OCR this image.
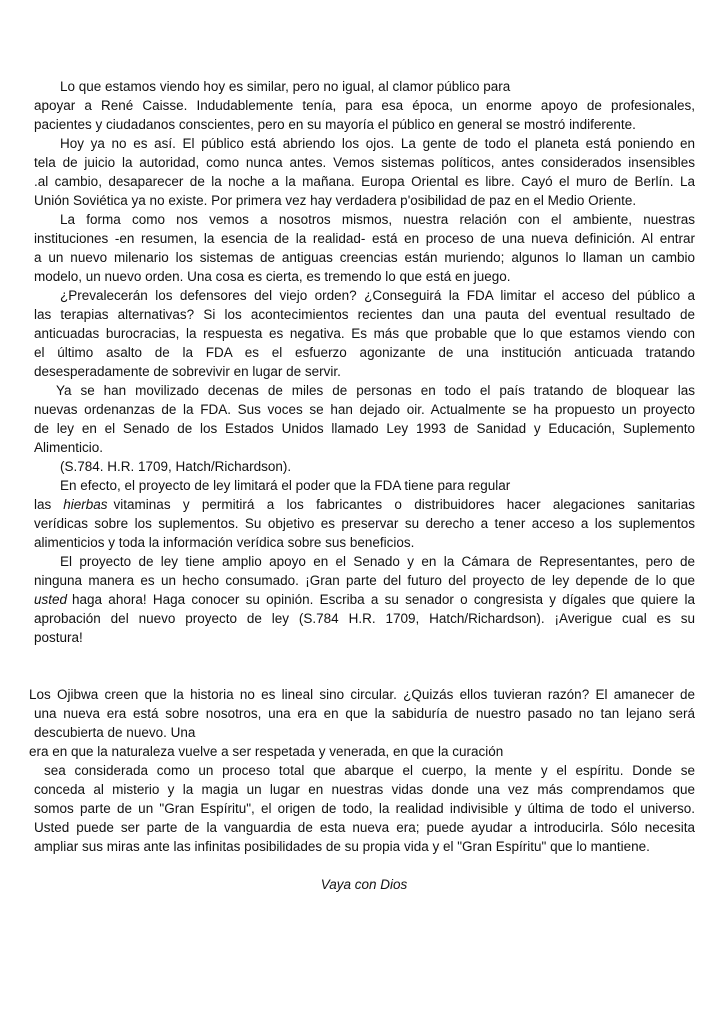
Lo que estamos viendo hoy es similar, pero no igual, al clamor público para
apoyar a René Caisse. Indudablemente tenía, para esa época, un enorme apoyo de profesionales,
pacientes y ciudadanos conscientes, pero en su mayoría el público en general se mostró indiferente.
Hoy ya no es así. El público está abriendo los ojos. La gente de todo el planeta está poniendo en
tela de juicio la autoridad, como nunca antes. Vemos sistemas políticos, antes considerados insensibles
.al cambio, desaparecer de la noche a la mañana. Europa Oriental es libre. Cayó el muro de Berlín. La
Unión Soviética ya no existe. Por primera vez hay verdadera p'osibilidad de paz en el Medio Oriente.
La forma como nos vemos a nosotros mismos, nuestra relación con el ambiente, nuestras
instituciones -en resumen, la esencia de la realidad- está en proceso de una nueva definición. Al entrar
a un nuevo milenario los sistemas de antiguas creencias están muriendo; algunos lo llaman un cambio
modelo, un nuevo orden. Una cosa es cierta, es tremendo lo que está en juego.
¿Prevalecerán los defensores del viejo orden? ¿Conseguirá la FDA limitar el acceso del público a
las terapias alternativas? Si los acontecimientos recientes dan una pauta del eventual resultado de
anticuadas burocracias, la respuesta es negativa. Es más que probable que lo que estamos viendo con
el último asalto de la FDA es el esfuerzo agonizante de una institución anticuada tratando
desesperadamente de sobrevivir en lugar de servir.
Ya se han movilizado decenas de miles de personas en todo el país tratando de bloquear las
nuevas ordenanzas de la FDA. Sus voces se han dejado oir. Actualmente se ha propuesto un proyecto
de ley en el Senado de los Estados Unidos llamado Ley 1993 de Sanidad y Educación, Suplemento
Alimenticio.
(S.784. H.R. 1709, Hatch/Richardson).
En efecto, el proyecto de ley limitará el poder que la FDA tiene para regular
las hierbas vitaminas y permitirá a los fabricantes o distribuidores hacer alegaciones sanitarias
verídicas sobre los suplementos. Su objetivo es preservar su derecho a tener acceso a los suplementos
alimenticios y toda la información verídica sobre sus beneficios.
El proyecto de ley tiene amplio apoyo en el Senado y en la Cámara de Representantes, pero de
ninguna manera es un hecho consumado. ¡Gran parte del futuro del proyecto de ley depende de lo que
usted haga ahora! Haga conocer su opinión. Escriba a su senador o congresista y dígales que quiere la
aprobación del nuevo proyecto de ley (S.784 H.R. 1709, Hatch/Richardson). ¡Averigue cual es su
postura!
Los Ojibwa creen que la historia no es lineal sino circular. ¿Quizás ellos tuvieran razón? El amanecer de
una nueva era está sobre nosotros, una era en que la sabiduría de nuestro pasado no tan lejano será
descubierta de nuevo. Una
era en que la naturaleza vuelve a ser respetada y venerada, en que la curación
sea considerada como un proceso total que abarque el cuerpo, la mente y el espíritu. Donde se
conceda al misterio y la magia un lugar en nuestras vidas donde una vez más comprendamos que
somos parte de un "Gran Espíritu", el origen de todo, la realidad indivisible y última de todo el universo.
Usted puede ser parte de la vanguardia de esta nueva era; puede ayudar a introducirla. Sólo necesita
ampliar sus miras ante las infinitas posibilidades de su propia vida y el "Gran Espíritu" que lo mantiene.
Vaya con Dios
